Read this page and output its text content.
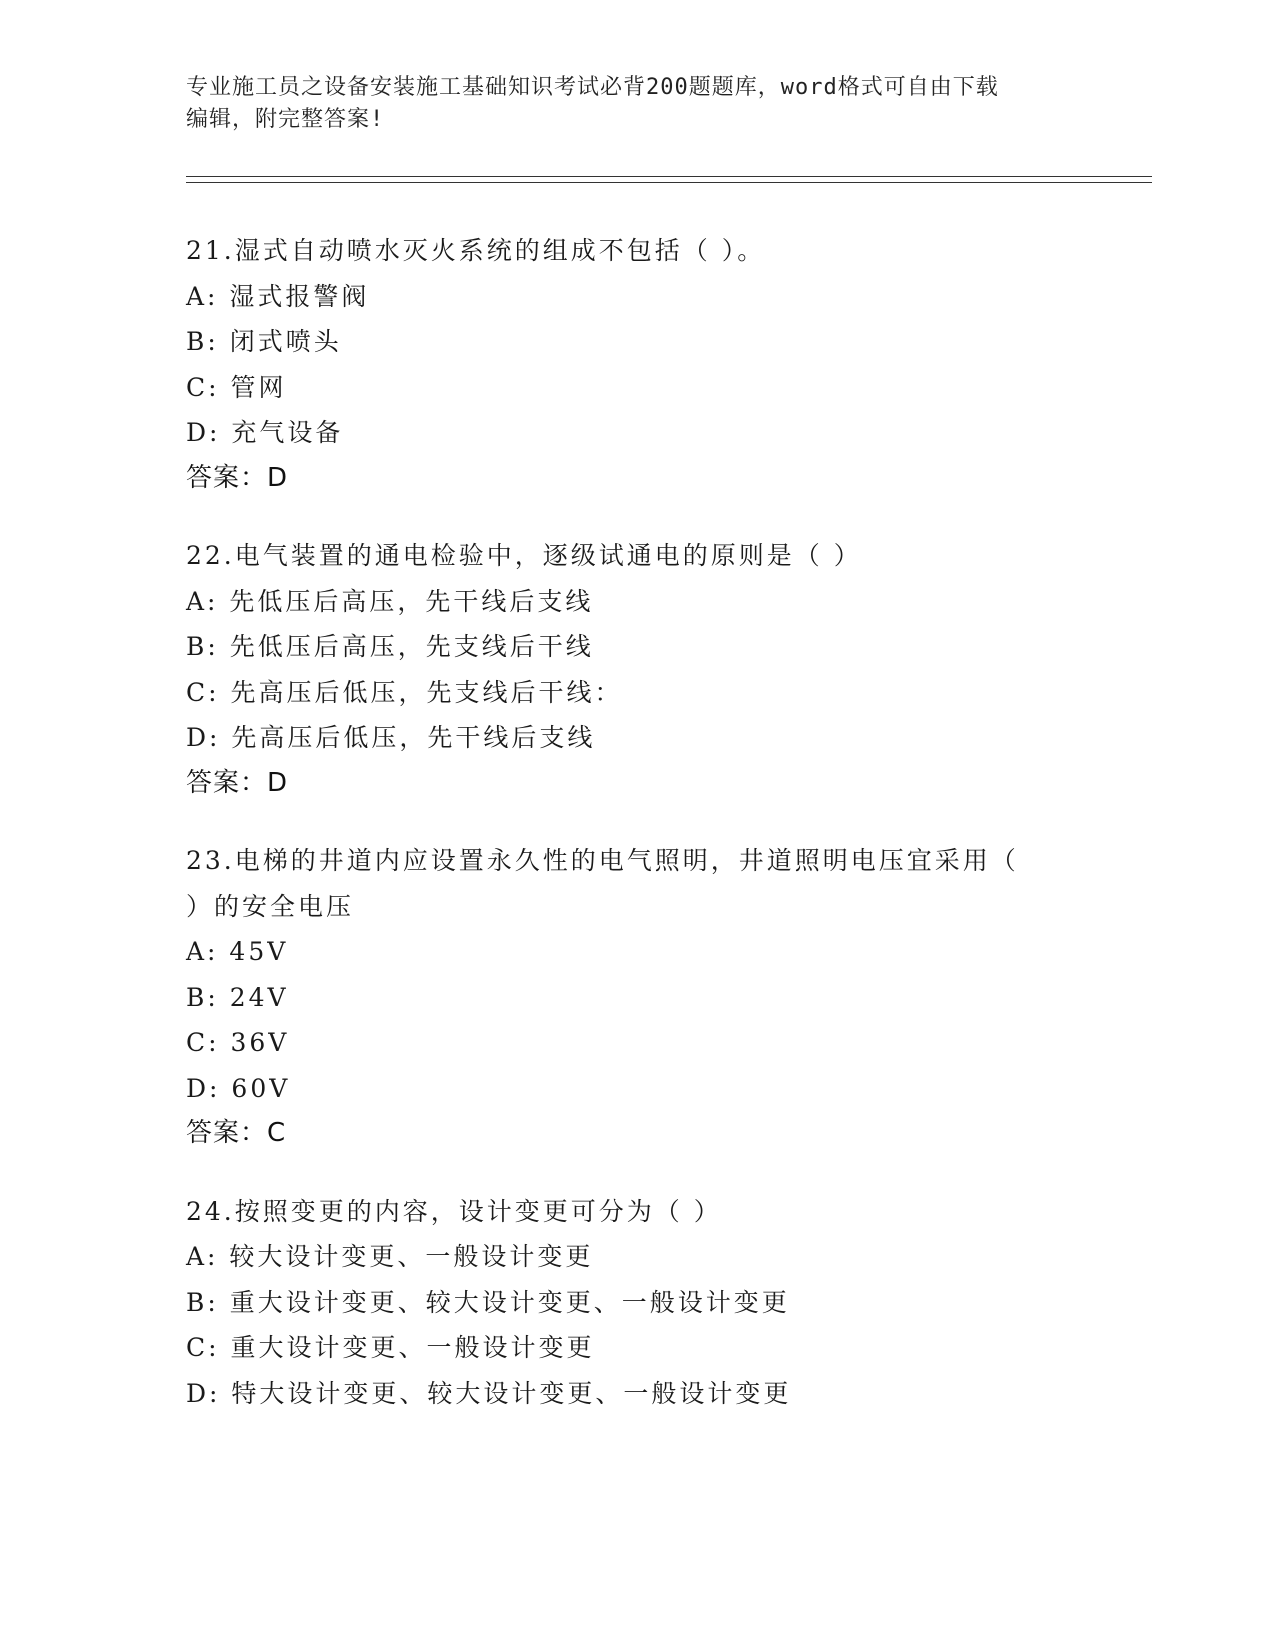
专业施工员之设备安装施工基础知识考试必背200题题库，word格式可自由下载
编辑，附完整答案!
21.湿式自动喷水灭火系统的组成不包括（ ）。
A: 湿式报警阀
B: 闭式喷头
C: 管网
D: 充气设备
答案：D
22.电气装置的通电检验中，逐级试通电的原则是（ ）
A: 先低压后高压，先干线后支线
B: 先低压后高压，先支线后干线
C: 先高压后低压，先支线后干线：
D: 先高压后低压，先干线后支线
答案：D
23.电梯的井道内应设置永久性的电气照明，井道照明电压宜采用（
）的安全电压
A: 45V
B: 24V
C: 36V
D: 60V
答案：C
24.按照变更的内容，设计变更可分为（ ）
A: 较大设计变更、一般设计变更
B: 重大设计变更、较大设计变更、一般设计变更
C: 重大设计变更、一般设计变更
D: 特大设计变更、较大设计变更、一般设计变更
